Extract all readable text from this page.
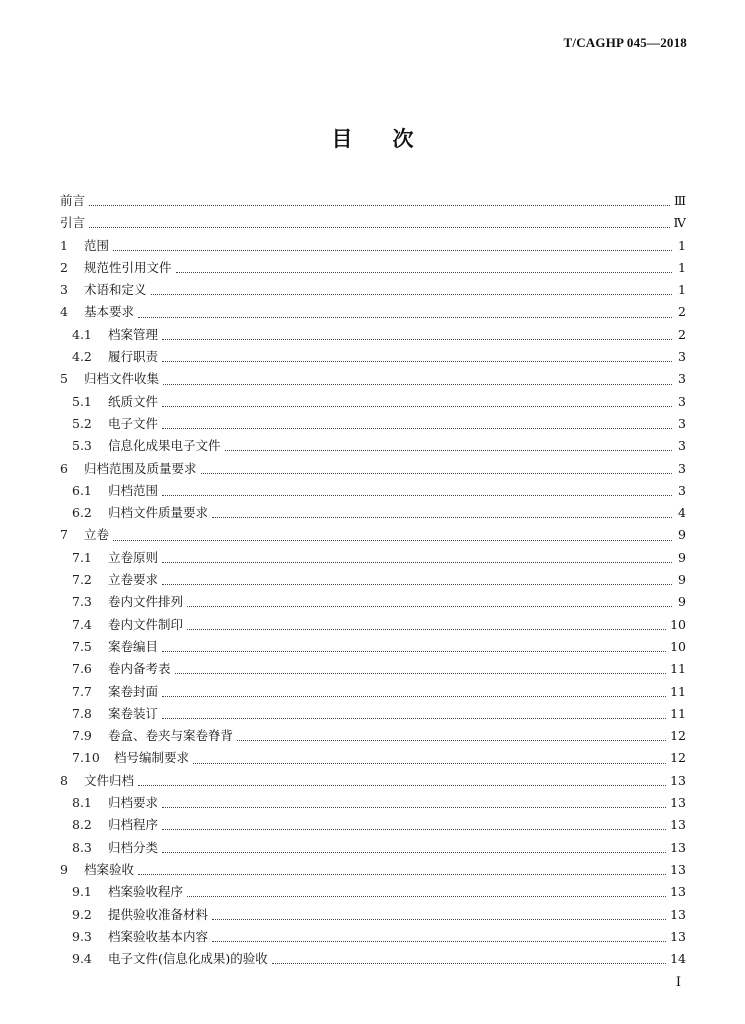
T/CAGHP 045—2018
目次
前言	Ⅲ
引言	Ⅳ
1	范围	1
2	规范性引用文件	1
3	术语和定义	1
4	基本要求	2
4.1	档案管理	2
4.2	履行职责	3
5	归档文件收集	3
5.1	纸质文件	3
5.2	电子文件	3
5.3	信息化成果电子文件	3
6	归档范围及质量要求	3
6.1	归档范围	3
6.2	归档文件质量要求	4
7	立卷	9
7.1	立卷原则	9
7.2	立卷要求	9
7.3	卷内文件排列	9
7.4	卷内文件制印	10
7.5	案卷编目	10
7.6	卷内备考表	11
7.7	案卷封面	11
7.8	案卷装订	11
7.9	卷盒、卷夹与案卷脊背	12
7.10	档号编制要求	12
8	文件归档	13
8.1	归档要求	13
8.2	归档程序	13
8.3	归档分类	13
9	档案验收	13
9.1	档案验收程序	13
9.2	提供验收准备材料	13
9.3	档案验收基本内容	13
9.4	电子文件(信息化成果)的验收	14
I
